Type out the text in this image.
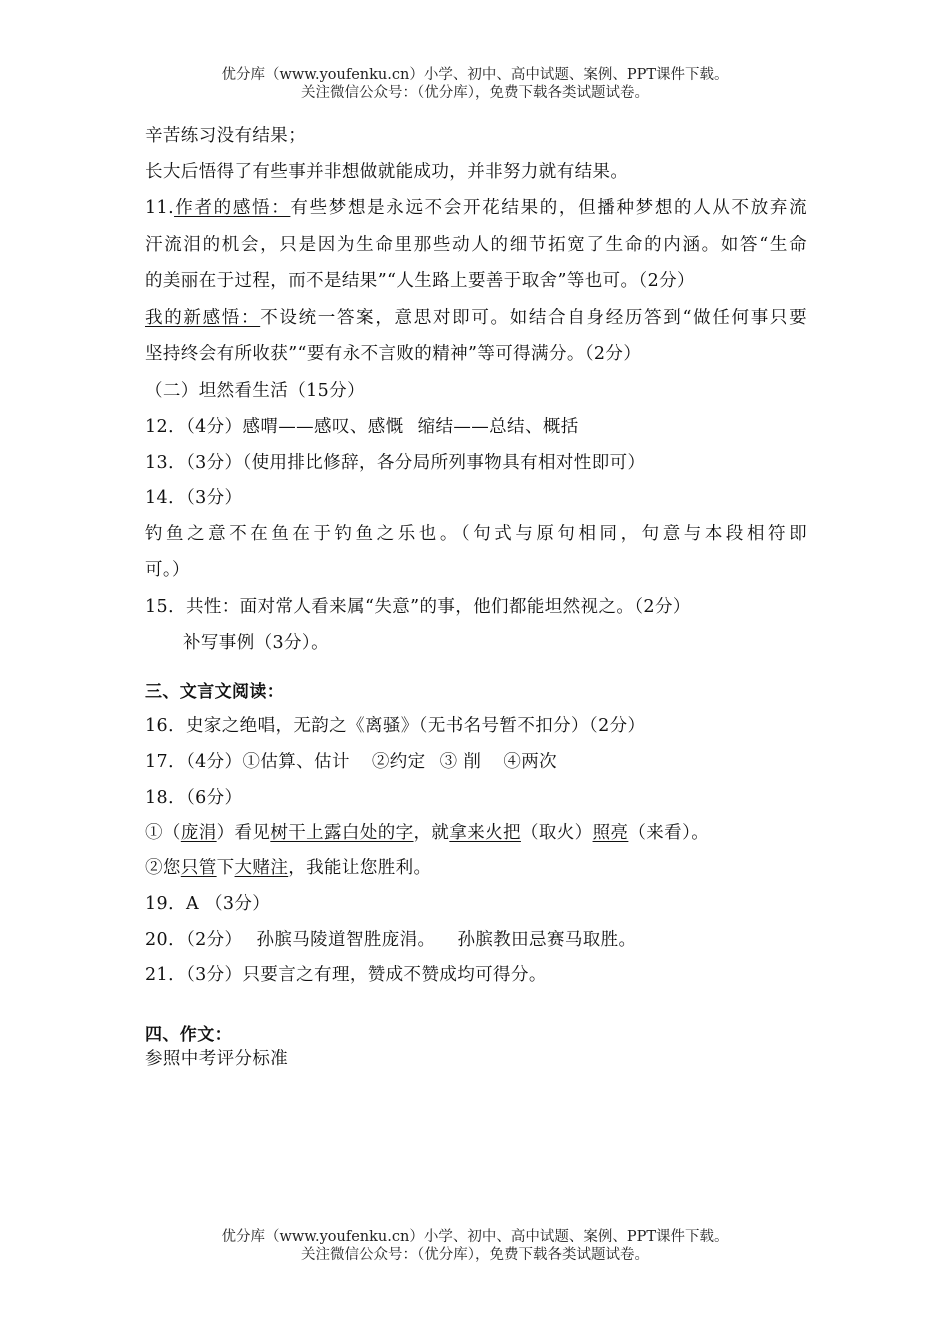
优分库（www.youfenku.cn）小学、初中、高中试题、案例、PPT课件下载。
关注微信公众号：（优分库），免费下载各类试题试卷。
辛苦练习没有结果；
长大后悟得了有些事并非想做就能成功，并非努力就有结果。
11.作者的感悟：有些梦想是永远不会开花结果的，但播种梦想的人从不放弃流
汗流泪的机会，只是因为生命里那些动人的细节拓宽了生命的内涵。如答“生命
的美丽在于过程，而不是结果”“人生路上要善于取舍”等也可。（2分）
我的新感悟：不设统一答案，意思对即可。如结合自身经历答到“做任何事只要
坚持终会有所收获”“要有永不言败的精神”等可得满分。（2分）
（二）坦然看生活（15分）
12．（4分）感喟——感叹、感慨 缩结——总结、概括
13．（3分）（使用排比修辞，各分局所列事物具有相对性即可）
14．（3分）
钓鱼之意不在鱼在于钓鱼之乐也。（句式与原句相同，句意与本段相符即
可。）
15．共性：面对常人看来属“失意”的事，他们都能坦然视之。（2分）
补写事例（3分）。
三、文言文阅读：
16．史家之绝唱，无韵之《离骚》（无书名号暂不扣分）（2分）
17．（4分）①估算、估计 ②约定 ③ 削 ④两次
18．（6分）
①（庞涓）看见树干上露白处的字，就拿来火把（取火）照亮（来看）。
②您只管下大赌注，我能让您胜利。
19．A （3分）
20．（2分） 孙膑马陵道智胜庞涓。 孙膑教田忌赛马取胜。
21．（3分）只要言之有理，赞成不赞成均可得分。
四、作文：
参照中考评分标准
优分库（www.youfenku.cn）小学、初中、高中试题、案例、PPT课件下载。
关注微信公众号：（优分库），免费下载各类试题试卷。
